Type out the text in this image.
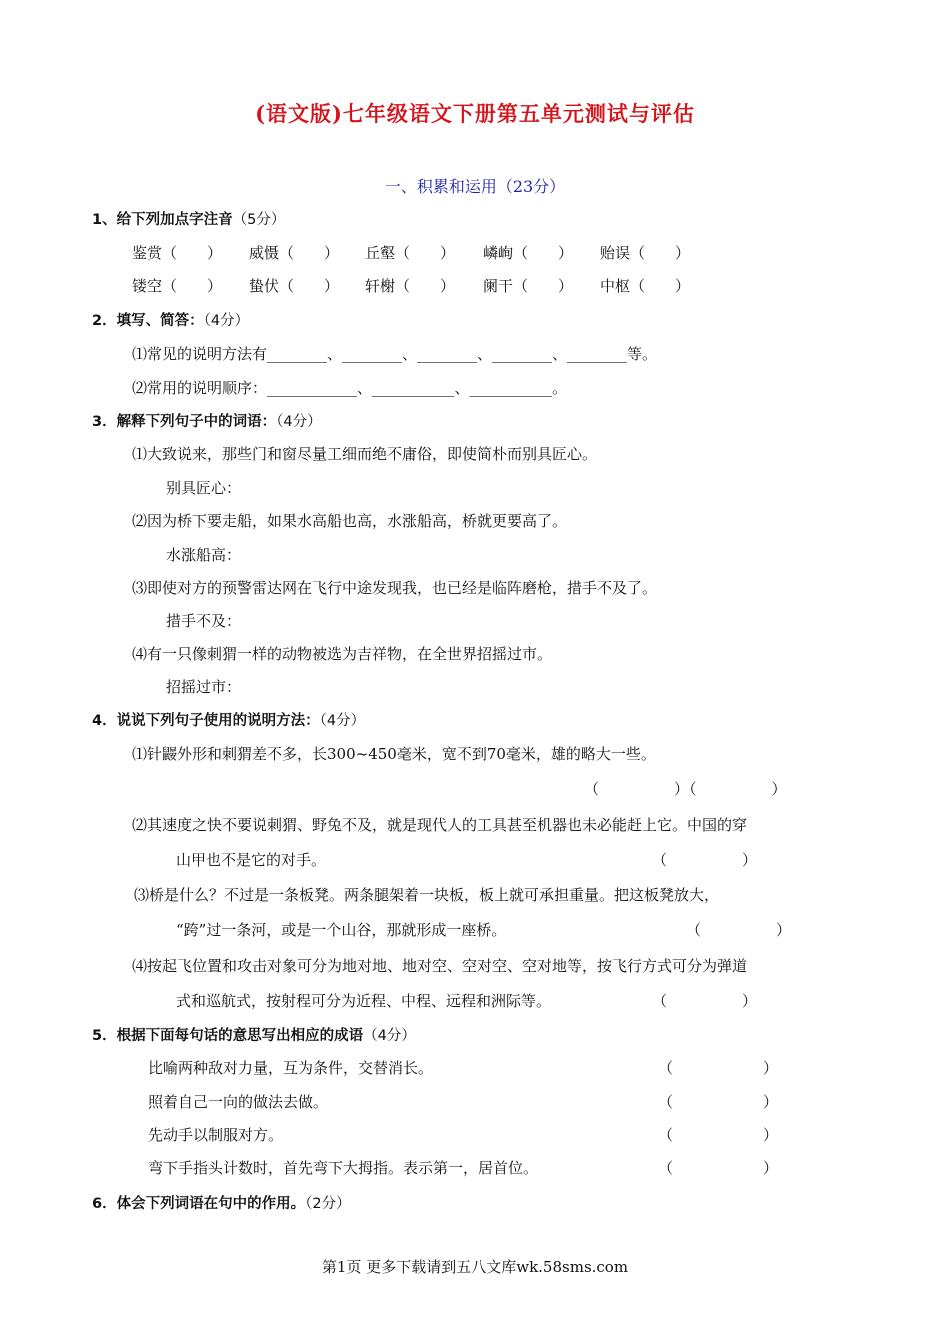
(语文版)七年级语文下册第五单元测试与评估
一、积累和运用（23分）
1、给下列加点字注音（5分）
鉴赏（　　） 威慑（　　） 丘壑（　　） 嶙峋（　　） 贻误（　　）
镂空（　　） 蛰伏（　　） 轩榭（　　） 阑干（　　） 中枢（　　）
2．填写、简答：（4分）
⑴常见的说明方法有________、________、________、________、________等。
⑵常用的说明顺序：____________、___________、___________。
3．解释下列句子中的词语：（4分）
⑴大致说来，那些门和窗尽量工细而绝不庸俗，即使简朴而别具匠心。
别具匠心：
⑵因为桥下要走船，如果水高船也高，水涨船高，桥就更要高了。
水涨船高：
⑶即使对方的预警雷达网在飞行中途发现我，也已经是临阵磨枪，措手不及了。
措手不及：
⑷有一只像刺猬一样的动物被选为吉祥物，在全世界招摇过市。
招摇过市：
4．说说下列句子使用的说明方法：（4分）
⑴针鼹外形和刺猬差不多，长300~450毫米，宽不到70毫米，雄的略大一些。
（　　　　　）（　　　　　）
⑵其速度之快不要说刺猬、野兔不及，就是现代人的工具甚至机器也未必能赶上它。中国的穿
山甲也不是它的对手。	（　　　　　）
⑶桥是什么？不过是一条板凳。两条腿架着一块板，板上就可承担重量。把这板凳放大，
“跨”过一条河，或是一个山谷，那就形成一座桥。	（　　　　　）
⑷按起飞位置和攻击对象可分为地对地、地对空、空对空、空对地等，按飞行方式可分为弹道
式和巡航式，按射程可分为近程、中程、远程和洲际等。	（　　　　　）
5．根据下面每句话的意思写出相应的成语（4分）
比喻两种敌对力量，互为条件，交替消长。	（　　　　　　）
照着自己一向的做法去做。	（　　　　　　）
先动手以制服对方。	（　　　　　　）
弯下手指头计数时，首先弯下大拇指。表示第一，居首位。	（　　　　　　）
6．体会下列词语在句中的作用。（2分）
第1页 更多下载请到五八文库wk.58sms.com
